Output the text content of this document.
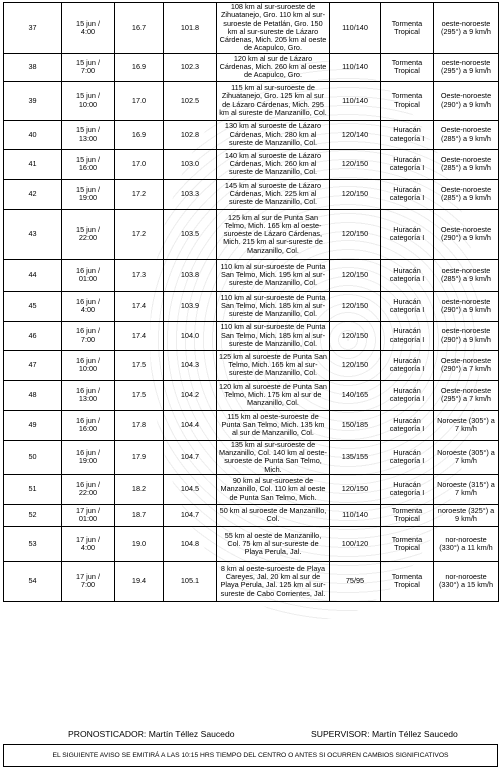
37	15 jun /
4:00	16.7	101.8	108 km al sur-suroeste de Zihuatanejo, Gro. 110 km al sur-suroeste de Petatlán, Gro. 150 km al sur-sureste de Lázaro Cárdenas, Mich. 205 km al oeste de Acapulco, Gro.	110/140	Tormenta Tropical	oeste-noroeste (295°) a 9 km/h
38	15 jun /
7:00	16.9	102.3	120 km al sur de Lázaro Cárdenas, Mich. 260 km al oeste de Acapulco, Gro.	110/140	Tormenta Tropical	oeste-noroeste (295°) a 9 km/h
39	15 jun /
10:00	17.0	102.5	115 km al sur-suroeste de Zihuatanejo, Gro. 125 km al sur de Lázaro Cárdenas, Mich. 295 km al sureste de Manzanillo, Col.	110/140	Tormenta Tropical	Oeste-noroeste (290°) a 9 km/h
40	15 jun /
13:00	16.9	102.8	130 km al suroeste de Lázaro Cárdenas, Mich. 280 km al sureste de Manzanillo, Col.	120/140	Huracán categoría I	Oeste-noroeste (285°) a 9 km/h
41	15 jun /
16:00	17.0	103.0	140 km al suroeste de Lázaro Cárdenas, Mich. 260 km al sureste de Manzanillo, Col.	120/150	Huracán categoría I	Oeste-noroeste (285°) a 9 km/h
42	15 jun /
19:00	17.2	103.3	145 km al suroeste de Lázaro Cárdenas, Mich. 225 km al sureste de Manzanillo, Col.	120/150	Huracán categoría I	Oeste-noroeste (285°) a 9 km/h
43	15 jun /
22:00	17.2	103.5	125 km al sur de Punta San Telmo, Mich. 165 km al oeste-suroeste de Lázaro Cárdenas, Mich. 215 km al sur-sureste de Manzanillo, Col.	120/150	Huracán categoría I	Oeste-noroeste (290°) a 9 km/h
44	16 jun /
01:00	17.3	103.8	110 km al sur-suroeste de Punta San Telmo, Mich. 195 km al sur-sureste de Manzanillo, Col.	120/150	Huracán categoría I	oeste-noroeste (285°) a 9 km/h
45	16 jun /
4:00	17.4	103.9	110 km al sur-suroeste de Punta San Telmo, Mich. 185 km al sur-sureste de Manzanillo, Col.	120/150	Huracán categoría I	oeste-noroeste (290°) a 9 km/h
46	16 jun /
7:00	17.4	104.0	110 km al sur-suroeste de Punta San Telmo, Mich. 185 km al sur-sureste de Manzanillo, Col.	120/150	Huracán categoría I	oeste-noroeste (290°) a 9 km/h
47	16 jun /
10:00	17.5	104.3	125 km al suroeste de Punta San Telmo, Mich. 165 km al sur-sureste de Manzanillo, Col.	120/150	Huracán categoría I	Oeste-noroeste (290°) a 7 km/h
48	16 jun /
13:00	17.5	104.2	120 km al suroeste de Punta San Telmo, Mich. 175 km al sur de Manzanillo, Col.	140/165	Huracán categoría I	Oeste-noroeste (295°) a 7 km/h
49	16 jun /
16:00	17.8	104.4	115 km al oeste-suroeste de Punta San Telmo, Mich. 135 km al sur de Manzanillo, Col.	150/185	Huracán categoría I	Noroeste (305°) a 7 km/h
50	16 jun /
19:00	17.9	104.7	135 km al sur-suroeste de Manzanillo, Col. 140 km al oeste-suroeste de Punta San Telmo, Mich.	135/155	Huracán categoría I	Noroeste (305°) a 7 km/h
51	16 jun /
22:00	18.2	104.5	90 km al sur-suroeste de Manzanillo, Col. 110 km al oeste de Punta San Telmo, Mich.	120/150	Huracán categoría I	Noroeste (315°) a 7 km/h
52	17 jun /
01:00	18.7	104.7	50 km al suroeste de Manzanillo, Col.	110/140	Tormenta Tropical	noroeste (325°) a 9 km/h
53	17 jun /
4:00	19.0	104.8	55 km al oeste de Manzanillo, Col. 75 km al sur-sureste de Playa Perula, Jal.	100/120	Tormenta Tropical	nor-noroeste (330°) a 11 km/h
54	17 jun /
7:00	19.4	105.1	8 km al oeste-suroeste de Playa Careyes, Jal. 20 km al sur de Playa Perula, Jal. 125 km al sur-sureste de Cabo Corrientes, Jal.	75/95	Tormenta Tropical	nor-noroeste (330°) a 15 km/h
PRONOSTICADOR: Martín Téllez Saucedo	SUPERVISOR: Martín Téllez Saucedo
EL SIGUIENTE AVISO SE EMITIRÁ A LAS 10:15 HRS TIEMPO DEL CENTRO O ANTES SI OCURREN CAMBIOS SIGNIFICATIVOS
